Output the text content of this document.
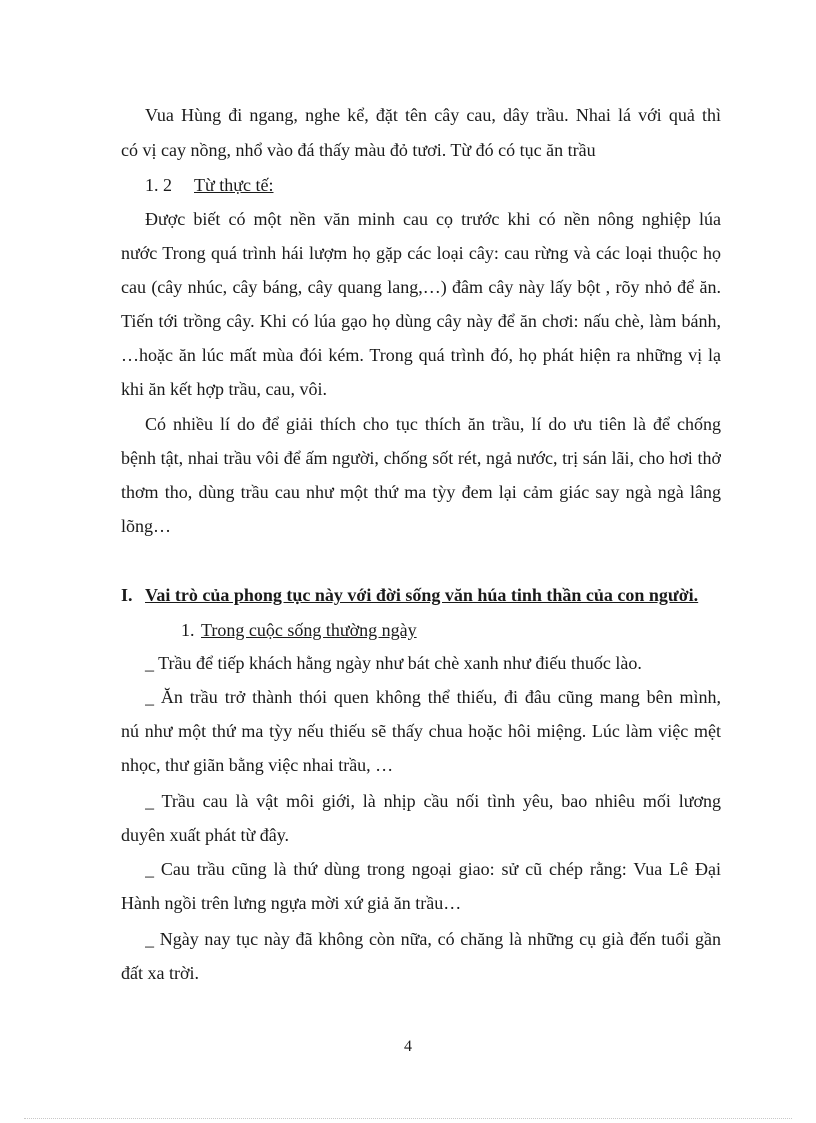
Vua Hùng đi ngang, nghe kể, đặt tên cây cau, dây trầu. Nhai lá với quả thì
có vị cay nồng, nhổ vào đá thấy màu đỏ tươi. Từ đó có tục ăn trầu
1. 2 Từ thực tế:
Được biết có một nền văn minh cau cọ trước khi có nền nông nghiệp lúa
nước Trong quá trình hái lượm họ gặp các loại cây: cau rừng và các loại thuộc họ
cau (cây nhúc, cây báng, cây quang lang,…) đâm cây này lấy bột , rõy nhỏ để ăn.
Tiến tới trồng cây. Khi có lúa gạo họ dùng cây này để ăn chơi: nấu chè, làm bánh,
…hoặc ăn lúc mất mùa đói kém. Trong quá trình đó, họ phát hiện ra những vị lạ
khi ăn kết hợp trầu, cau, vôi.
Có nhiều lí do để giải thích cho tục thích ăn trầu, lí do ưu tiên là để chống
bệnh tật, nhai trầu vôi để ấm người, chống sốt rét, ngả nước, trị sán lãi, cho hơi thở
thơm tho, dùng trầu cau như một thứ ma tỳy đem lại cảm giác say ngà ngà lâng
lõng…
I. Vai trò của phong tục này với đời sống văn húa tinh thần của con người.
1. Trong cuộc sống thường ngày
_ Trầu để tiếp khách hằng ngày như bát chè xanh như điếu thuốc lào.
_ Ăn trầu trở thành thói quen không thể thiếu, đi đâu cũng mang bên mình,
nú như một thứ ma tỳy nếu thiếu sẽ thấy chua hoặc hôi miệng. Lúc làm việc mệt
nhọc, thư giãn bằng việc nhai trầu, …
_ Trầu cau là vật môi giới, là nhịp cầu nối tình yêu, bao nhiêu mối lương
duyên xuất phát từ đây.
_ Cau trầu cũng là thứ dùng trong ngoại giao: sử cũ chép rằng: Vua Lê Đại
Hành ngồi trên lưng ngựa mời xứ giả ăn trầu…
_ Ngày nay tục này đã không còn nữa, có chăng là những cụ già đến tuổi gần
đất xa trời.
4
